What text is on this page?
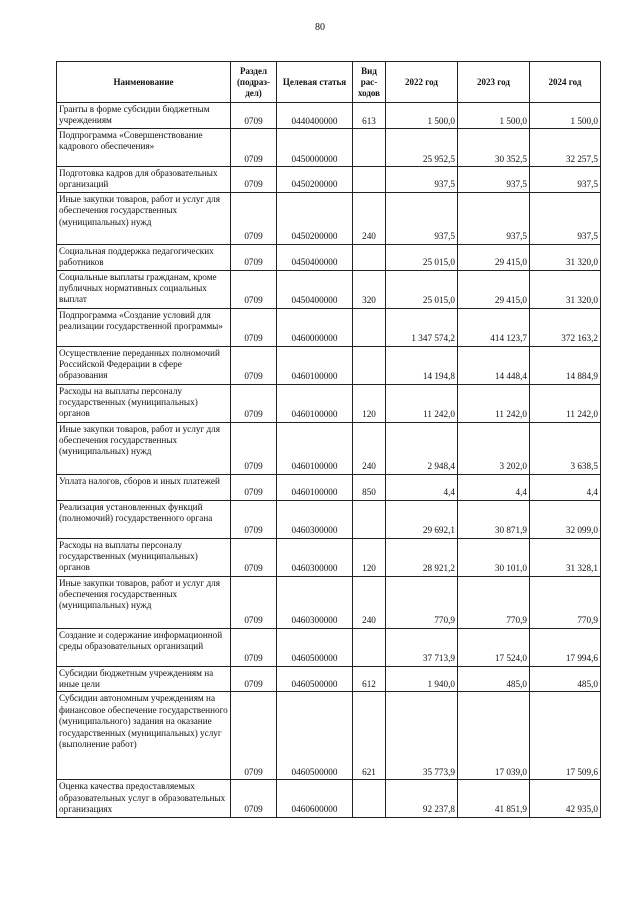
80
Наименование	Раздел (подраз-дел)	Целевая статья	Вид рас-ходов	2022 год	2023 год	2024 год
Гранты в форме субсидии бюджетным учреждениям	0709	0440400000	613	1 500,0	1 500,0	1 500,0
Подпрограмма «Совершенствование кадрового обеспечения»	0709	0450000000		25 952,5	30 352,5	32 257,5
Подготовка кадров для образовательных организаций	0709	0450200000		937,5	937,5	937,5
Иные закупки товаров, работ и услуг для обеспечения государственных (муниципальных) нужд	0709	0450200000	240	937,5	937,5	937,5
Социальная поддержка педагогических работников	0709	0450400000		25 015,0	29 415,0	31 320,0
Социальные выплаты гражданам, кроме публичных нормативных социальных выплат	0709	0450400000	320	25 015,0	29 415,0	31 320,0
Подпрограмма «Создание условий для реализации государственной программы»	0709	0460000000		1 347 574,2	414 123,7	372 163,2
Осуществление переданных полномочий Российской Федерации в сфере образования	0709	0460100000		14 194,8	14 448,4	14 884,9
Расходы на выплаты персоналу государственных (муниципальных) органов	0709	0460100000	120	11 242,0	11 242,0	11 242,0
Иные закупки товаров, работ и услуг для обеспечения государственных (муниципальных) нужд	0709	0460100000	240	2 948,4	3 202,0	3 638,5
Уплата налогов, сборов и иных платежей	0709	0460100000	850	4,4	4,4	4,4
Реализация установленных функций (полномочий) государственного органа	0709	0460300000		29 692,1	30 871,9	32 099,0
Расходы на выплаты персоналу государственных (муниципальных) органов	0709	0460300000	120	28 921,2	30 101,0	31 328,1
Иные закупки товаров, работ и услуг для обеспечения государственных (муниципальных) нужд	0709	0460300000	240	770,9	770,9	770,9
Создание и содержание информационной среды образовательных организаций	0709	0460500000		37 713,9	17 524,0	17 994,6
Субсидии бюджетным учреждениям на иные цели	0709	0460500000	612	1 940,0	485,0	485,0
Субсидии автономным учреждениям на финансовое обеспечение государственного (муниципального) задания на оказание государственных (муниципальных) услуг (выполнение работ)	0709	0460500000	621	35 773,9	17 039,0	17 509,6
Оценка качества предоставляемых образовательных услуг в образовательных организациях	0709	0460600000		92 237,8	41 851,9	42 935,0
